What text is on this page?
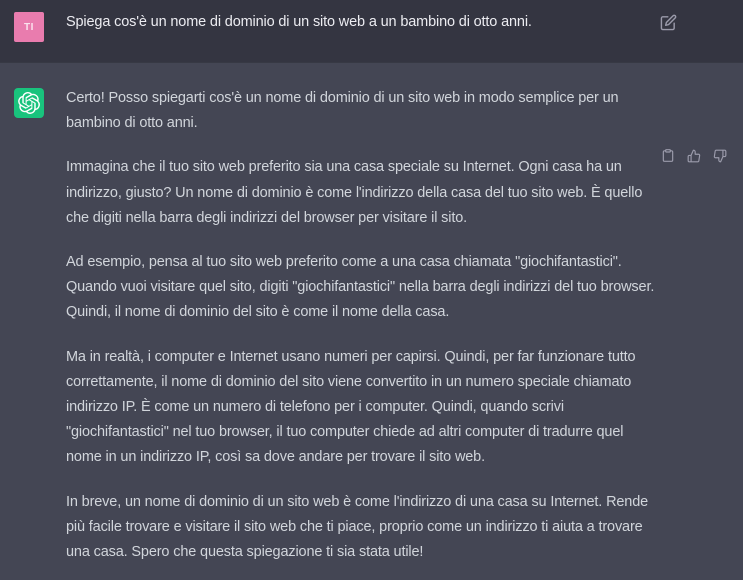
TI Spiega cos'è un nome di dominio di un sito web a un bambino di otto anni.

Certo! Posso spiegarti cos'è un nome di dominio di un sito web in modo semplice per un bambino di otto anni.

Immagina che il tuo sito web preferito sia una casa speciale su Internet. Ogni casa ha un indirizzo, giusto? Un nome di dominio è come l'indirizzo della casa del tuo sito web. È quello che digiti nella barra degli indirizzi del browser per visitare il sito.

Ad esempio, pensa al tuo sito web preferito come a una casa chiamata "giochifantastici". Quando vuoi visitare quel sito, digiti "giochifantastici" nella barra degli indirizzi del tuo browser. Quindi, il nome di dominio del sito è come il nome della casa.

Ma in realtà, i computer e Internet usano numeri per capirsi. Quindi, per far funzionare tutto correttamente, il nome di dominio del sito viene convertito in un numero speciale chiamato indirizzo IP. È come un numero di telefono per i computer. Quindi, quando scrivi "giochifantastici" nel tuo browser, il tuo computer chiede ad altri computer di tradurre quel nome in un indirizzo IP, così sa dove andare per trovare il sito web.

In breve, un nome di dominio di un sito web è come l'indirizzo di una casa su Internet. Rende più facile trovare e visitare il sito web che ti piace, proprio come un indirizzo ti aiuta a trovare una casa. Spero che questa spiegazione ti sia stata utile!
